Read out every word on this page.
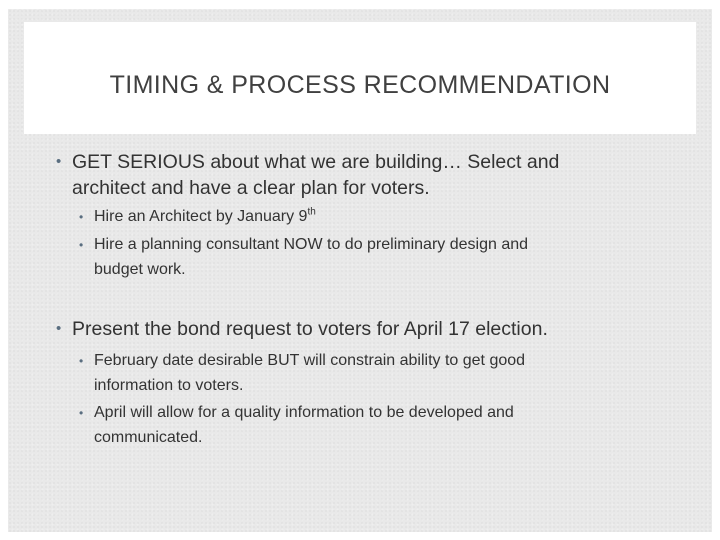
TIMING & PROCESS RECOMMENDATION
• GET SERIOUS about what we are building… Select and
architect and have a clear plan for voters.
• Hire an Architect by January 9th
• Hire a planning consultant NOW to do preliminary design and
budget work.
• Present the bond request to voters for April 17 election.
• February date desirable BUT will constrain ability to get good
information to voters.
• April will allow for a quality information to be developed and
communicated.
